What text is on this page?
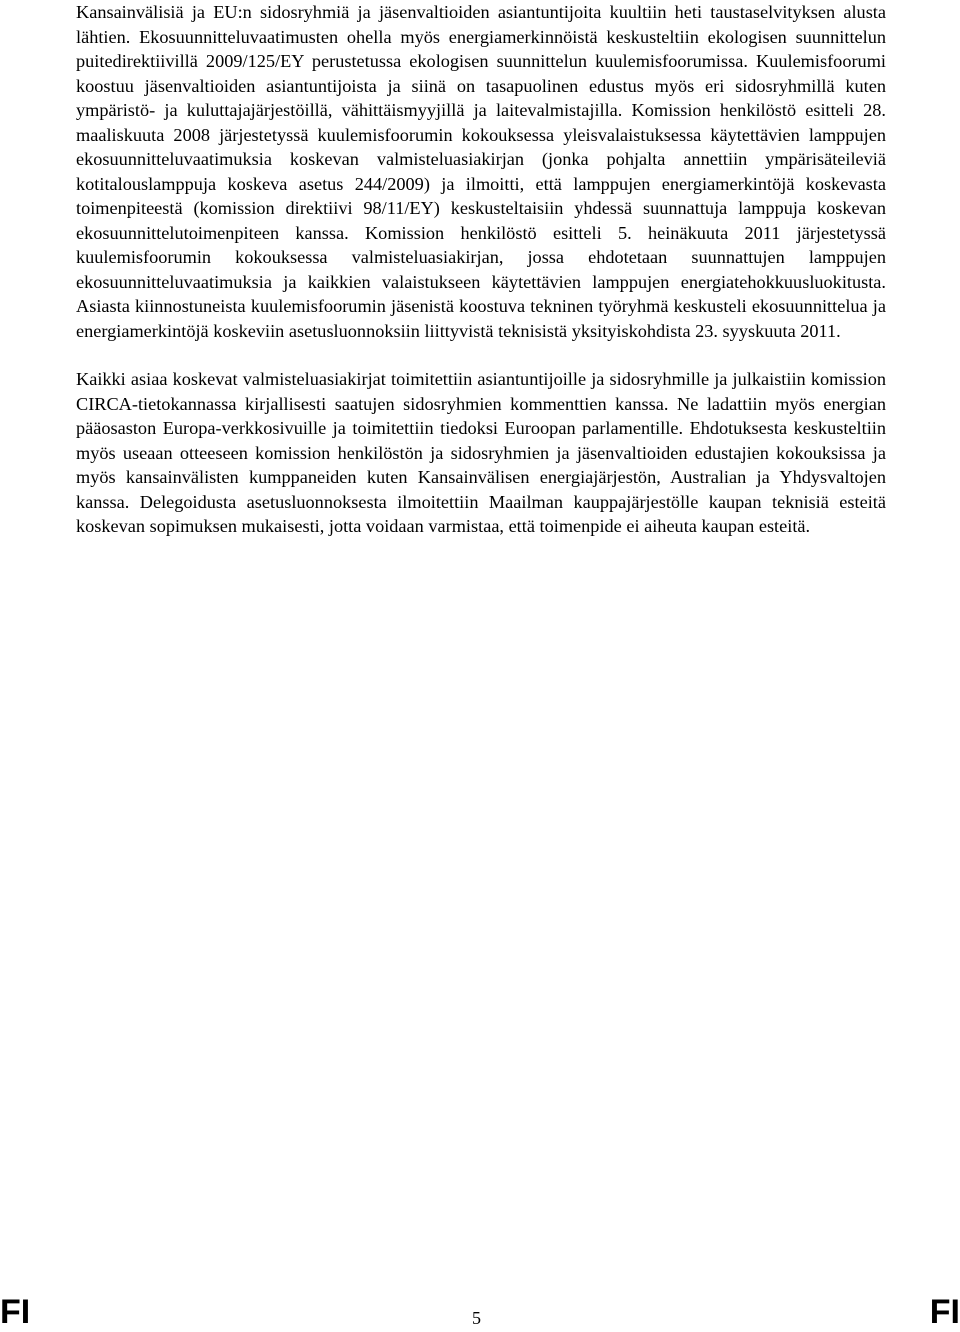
Kansainvälisiä ja EU:n sidosryhmiä ja jäsenvaltioiden asiantuntijoita kuultiin heti taustaselvityksen alusta lähtien. Ekosuunnitteluvaatimusten ohella myös energiamerkinnöistä keskusteltiin ekologisen suunnittelun puitedirektiivillä 2009/125/EY perustetussa ekologisen suunnittelun kuulemisfoorumissa. Kuulemisfoorumi koostuu jäsenvaltioiden asiantuntijoista ja siinä on tasapuolinen edustus myös eri sidosryhmillä kuten ympäristö- ja kuluttajajärjestöillä, vähittäismyyjillä ja laitevalmistajilla. Komission henkilöstö esitteli 28. maaliskuuta 2008 järjestetyssä kuulemisfoorumin kokouksessa yleisvalaistuksessa käytettävien lamppujen ekosuunnitteluvaatimuksia koskevan valmisteluasiakirjan (jonka pohjalta annettiin ympärisäteileviä kotitalouslamppuja koskeva asetus 244/2009) ja ilmoitti, että lamppujen energiamerkintöjä koskevasta toimenpiteestä (komission direktiivi 98/11/EY) keskusteltaisiin yhdessä suunnattuja lamppuja koskevan ekosuunnittelutoimenpiteen kanssa. Komission henkilöstö esitteli 5. heinäkuuta 2011 järjestetyssä kuulemisfoorumin kokouksessa valmisteluasiakirjan, jossa ehdotetaan suunnattujen lamppujen ekosuunnitteluvaatimuksia ja kaikkien valaistukseen käytettävien lamppujen energiatehokkuusluokitusta. Asiasta kiinnostuneista kuulemisfoorumin jäsenistä koostuva tekninen työryhmä keskusteli ekosuunnittelua ja energiamerkintöjä koskeviin asetusluonnoksiin liittyvistä teknisistä yksityiskohdista 23. syyskuuta 2011.

Kaikki asiaa koskevat valmisteluasiakirjat toimitettiin asiantuntijoille ja sidosryhmille ja julkaistiin komission CIRCA-tietokannassa kirjallisesti saatujen sidosryhmien kommenttien kanssa. Ne ladattiin myös energian pääosaston Europa-verkkosivuille ja toimitettiin tiedoksi Euroopan parlamentille. Ehdotuksesta keskusteltiin myös useaan otteeseen komission henkilöstön ja sidosryhmien ja jäsenvaltioiden edustajien kokouksissa ja myös kansainvälisten kumppaneiden kuten Kansainvälisen energiajärjestön, Australian ja Yhdysvaltojen kanssa. Delegoidusta asetusluonnoksesta ilmoitettiin Maailman kauppajärjestölle kaupan teknisiä esteitä koskevan sopimuksen mukaisesti, jotta voidaan varmistaa, että toimenpide ei aiheuta kaupan esteitä.

FI	5	FI
